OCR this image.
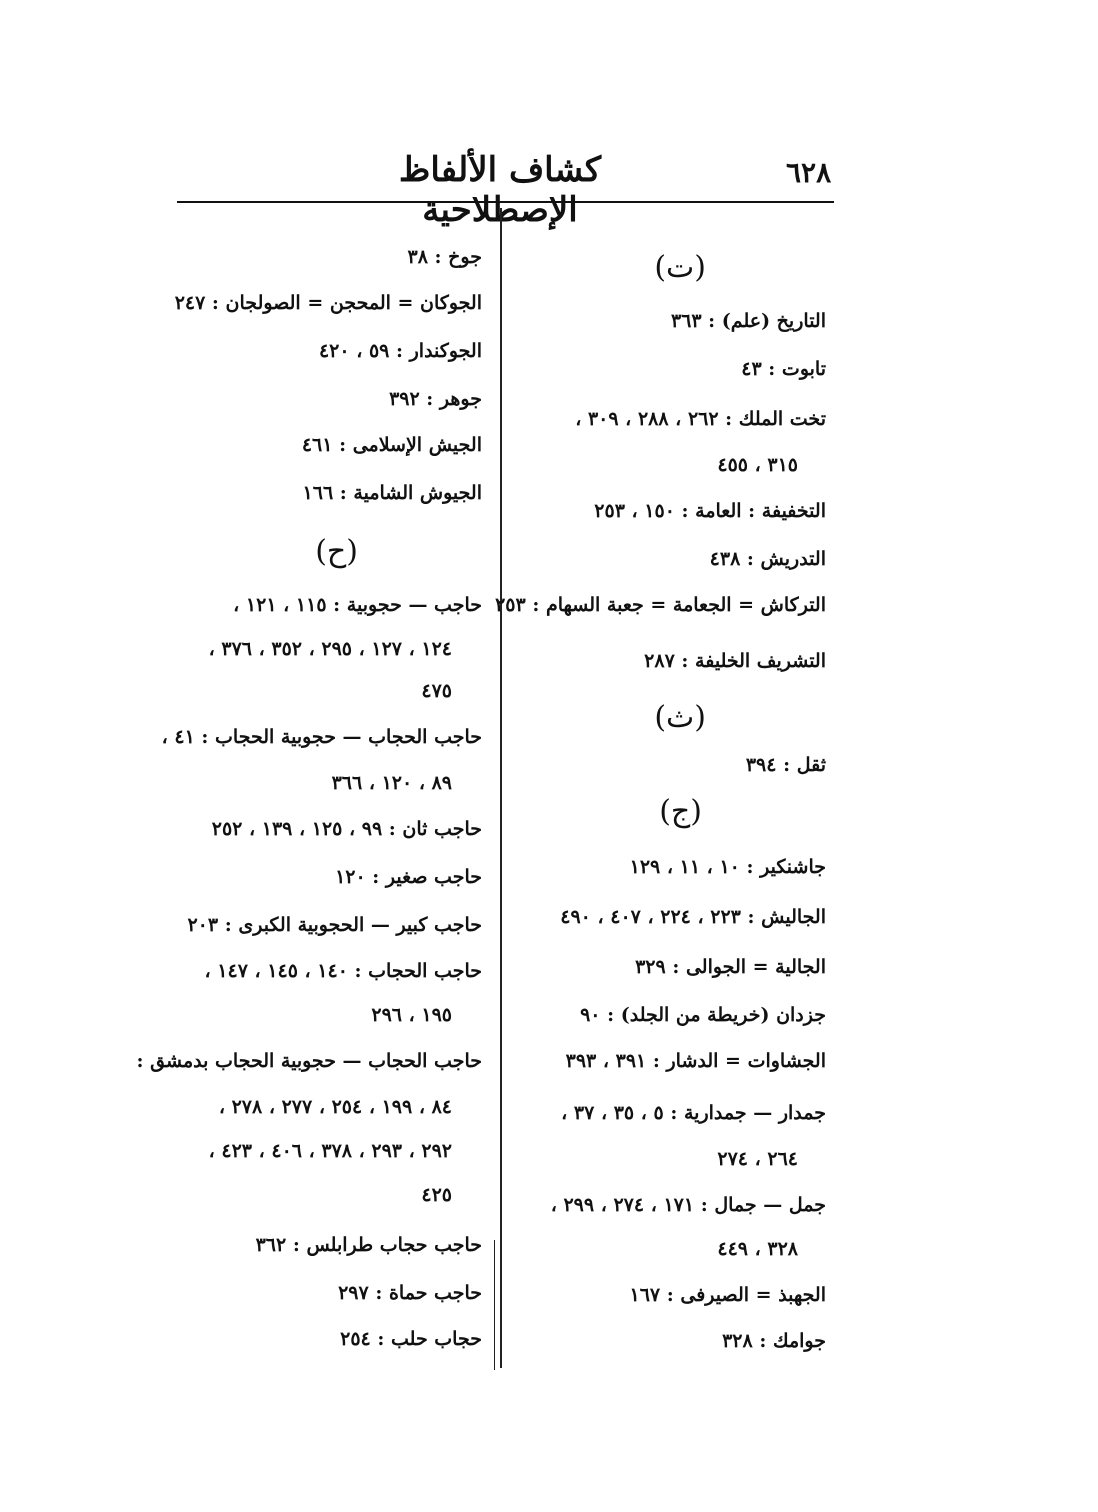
٦٢٨
كشاف الألفاظ الإصطلاحية
(ت)
التاريخ (علم) : ٣٦٣
تابوت : ٤٣
تخت الملك : ٢٦٢ ، ٢٨٨ ، ٣٠٩ ،
٣١٥ ، ٤٥٥
التخفيفة : العامة : ١٥٠ ، ٢٥٣
التدريش : ٤٣٨
التركاش = الجعامة = جعبة السهام : ٢٥٣
التشريف الخليفة : ٢٨٧
(ث)
ثقل : ٣٩٤
(ج)
جاشنكير : ١٠ ، ١١ ، ١٢٩
الجاليش : ٢٢٣ ، ٢٢٤ ، ٤٠٧ ، ٤٩٠
الجالية = الجوالى : ٣٢٩
جزدان (خريطة من الجلد) : ٩٠
الجشاوات = الدشار : ٣٩١ ، ٣٩٣
جمدار — جمدارية : ٥ ، ٣٥ ، ٣٧ ،
٢٦٤ ، ٢٧٤
جمل — جمال : ١٧١ ، ٢٧٤ ، ٢٩٩ ،
٣٢٨ ، ٤٤٩
الجهبذ = الصيرفى : ١٦٧
جوامك : ٣٢٨
جوخ : ٣٨
الجوكان = المحجن = الصولجان : ٢٤٧
الجوكندار : ٥٩ ، ٤٢٠
جوهر : ٣٩٢
الجيش الإسلامى : ٤٦١
الجيوش الشامية : ١٦٦
(ح)
حاجب — حجوبية : ١١٥ ، ١٢١ ،
١٢٤ ، ١٢٧ ، ٢٩٥ ، ٣٥٢ ، ٣٧٦ ،
٤٧٥
حاجب الحجاب — حجوبية الحجاب : ٤١ ،
٨٩ ، ١٢٠ ، ٣٦٦
حاجب ثان : ٩٩ ، ١٢٥ ، ١٣٩ ، ٢٥٢
حاجب صغير : ١٢٠
حاجب كبير — الحجوبية الكبرى : ٢٠٣
حاجب الحجاب : ١٤٠ ، ١٤٥ ، ١٤٧ ،
١٩٥ ، ٢٩٦
حاجب الحجاب — حجوبية الحجاب بدمشق :
٨٤ ، ١٩٩ ، ٢٥٤ ، ٢٧٧ ، ٢٧٨ ،
٢٩٢ ، ٢٩٣ ، ٣٧٨ ، ٤٠٦ ، ٤٢٣ ،
٤٢٥
حاجب حجاب طرابلس : ٣٦٢
حاجب حماة : ٢٩٧
حجاب حلب : ٢٥٤
